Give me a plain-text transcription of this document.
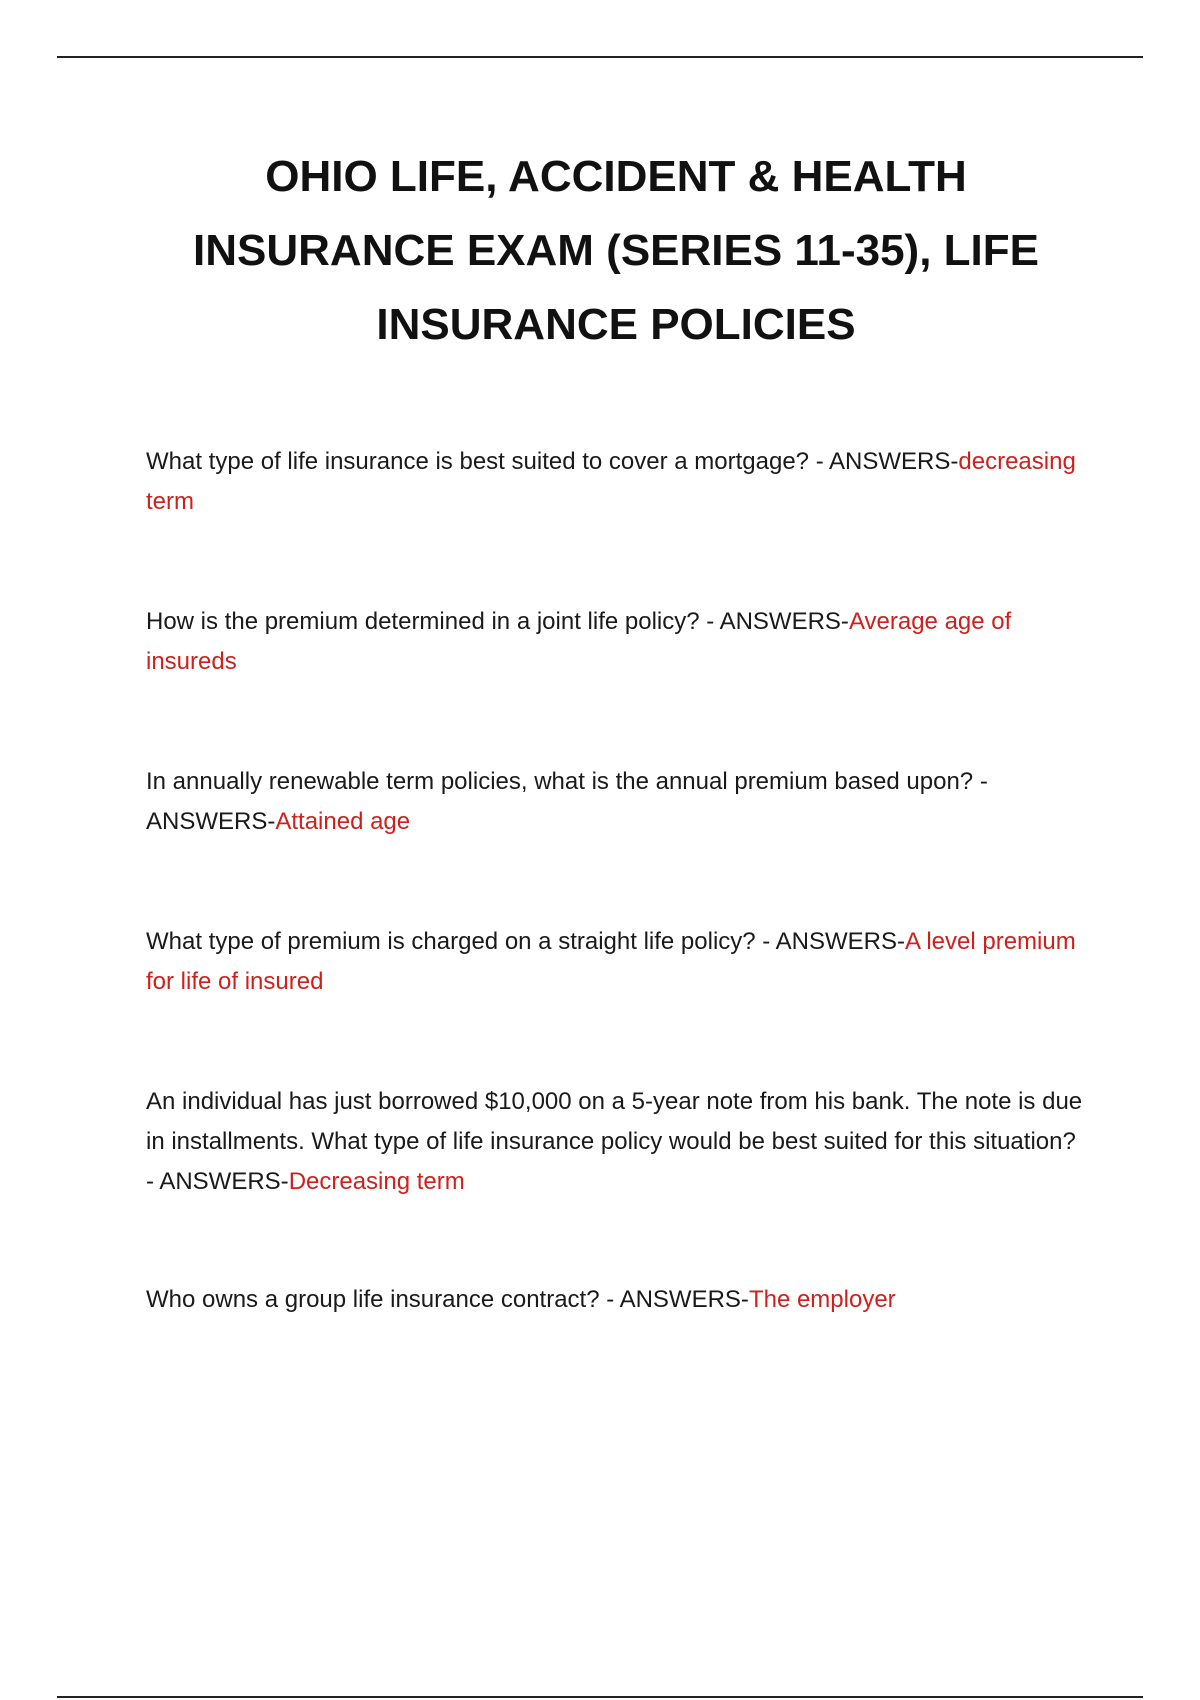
OHIO LIFE, ACCIDENT & HEALTH INSURANCE EXAM (SERIES 11-35), LIFE INSURANCE POLICIES

What type of life insurance is best suited to cover a mortgage? - ANSWERS-decreasing term

How is the premium determined in a joint life policy? - ANSWERS-Average age of insureds

In annually renewable term policies, what is the annual premium based upon? - ANSWERS-Attained age

What type of premium is charged on a straight life policy? - ANSWERS-A level premium for life of insured

An individual has just borrowed $10,000 on a 5-year note from his bank. The note is due in installments. What type of life insurance policy would be best suited for this situation? - ANSWERS-Decreasing term

Who owns a group life insurance contract? - ANSWERS-The employer
